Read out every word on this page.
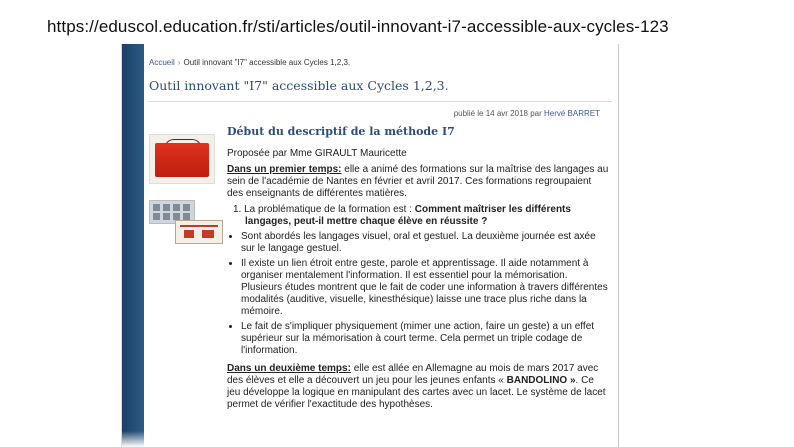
https://eduscol.education.fr/sti/articles/outil-innovant-i7-accessible-aux-cycles-123
Accueil › Outil innovant "I7" accessible aux Cycles 1,2,3.
Outil innovant "I7" accessible aux Cycles 1,2,3.
publié le 14 avr 2018 par Hervé BARRET
Début du descriptif de la méthode I7
Proposée par Mme GIRAULT Mauricette
Dans un premier temps: elle a animé des formations sur la maîtrise des langages au sein de l'académie de Nantes en février et avril 2017. Ces formations regroupaient des enseignants de différentes matières.
1. La problématique de la formation est : Comment maîtriser les différents langages, peut-il mettre chaque élève en réussite ?
• Sont abordés les langages visuel, oral et gestuel. La deuxième journée est axée sur le langage gestuel.
• Il existe un lien étroit entre geste, parole et apprentissage. Il aide notamment à organiser mentalement l'information. Il est essentiel pour la mémorisation. Plusieurs études montrent que le fait de coder une information à travers différentes modalités (auditive, visuelle, kinesthésique) laisse une trace plus riche dans la mémoire.
• Le fait de s'impliquer physiquement (mimer une action, faire un geste) a un effet supérieur sur la mémorisation à court terme. Cela permet un triple codage de l'information.
Dans un deuxième temps: elle est allée en Allemagne au mois de mars 2017 avec des élèves et elle a découvert un jeu pour les jeunes enfants « BANDOLINO ». Ce jeu développe la logique en manipulant des cartes avec un lacet. Le système de lacet permet de vérifier l'exactitude des hypothèses.
